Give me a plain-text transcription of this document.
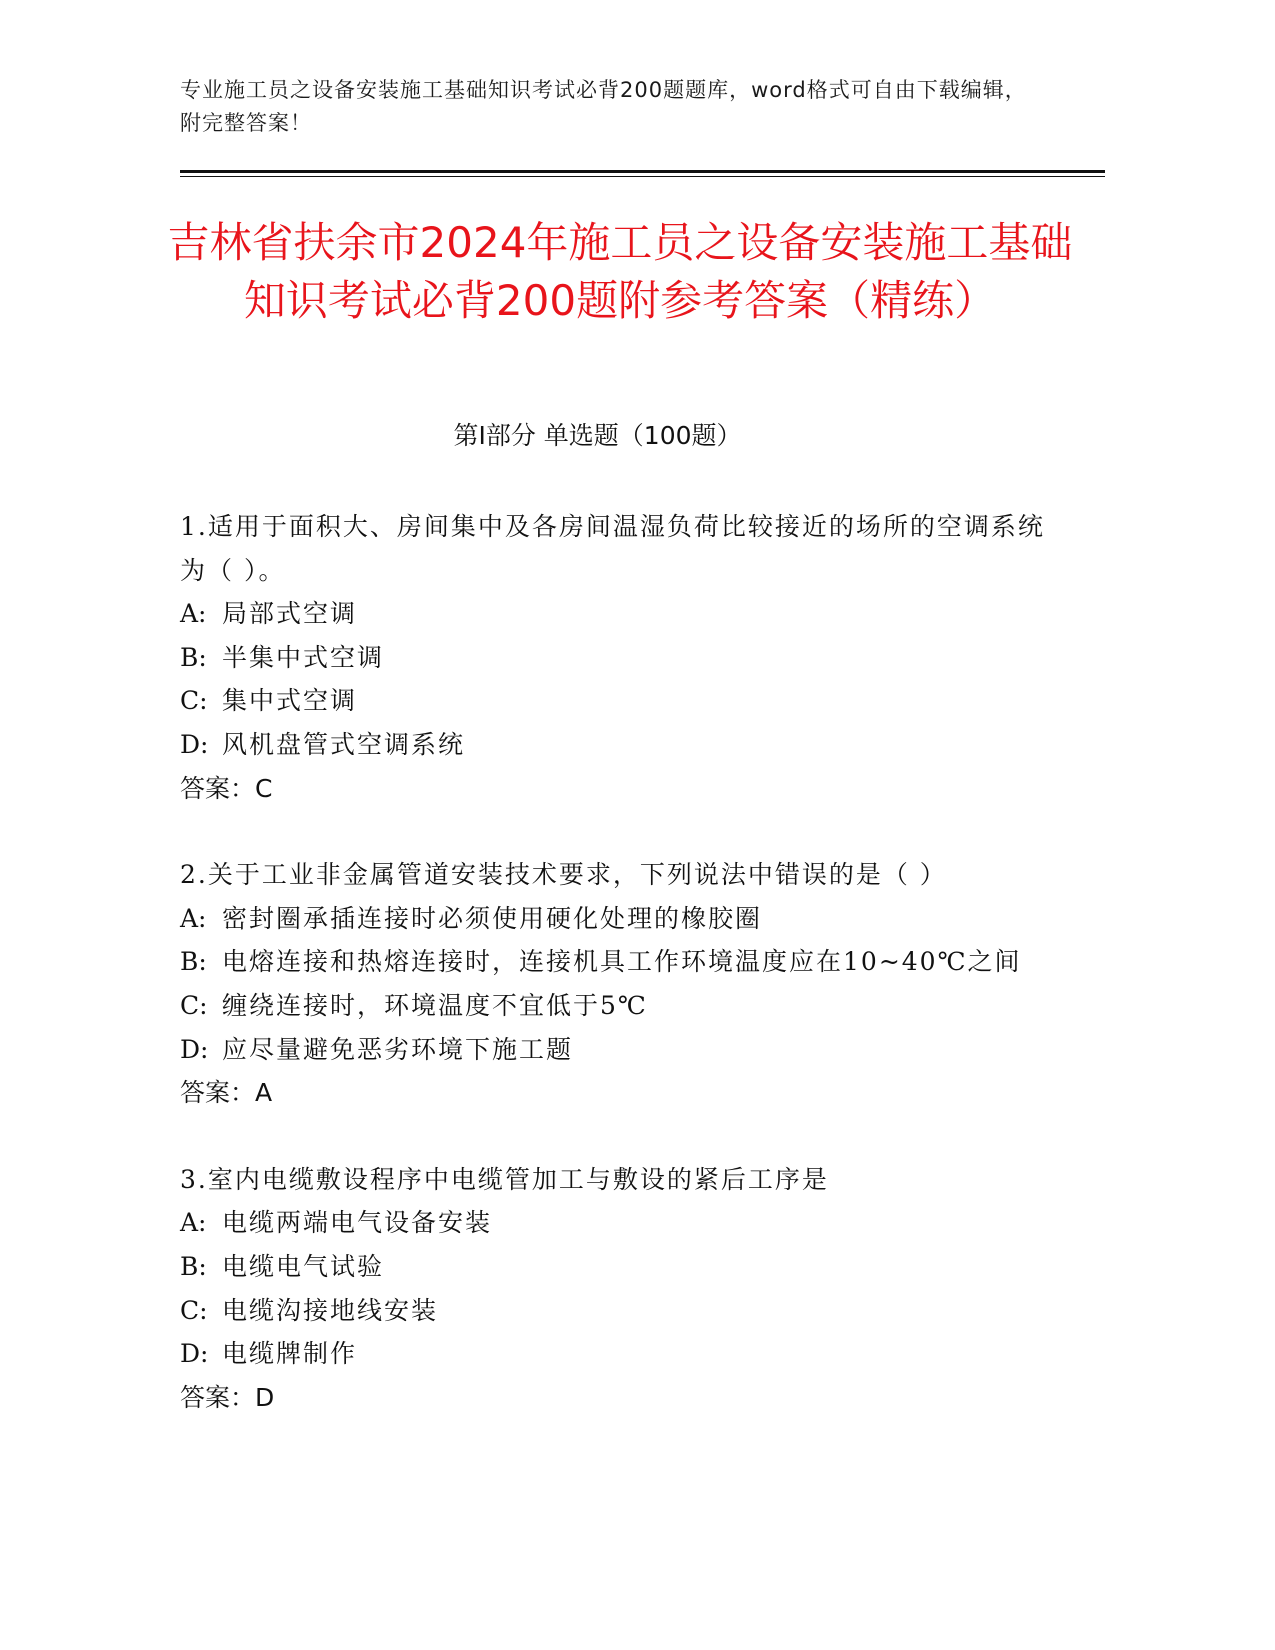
专业施工员之设备安装施工基础知识考试必背200题题库，word格式可自由下载编辑，附完整答案！
吉林省扶余市2024年施工员之设备安装施工基础知识考试必背200题附参考答案（精练）
第I部分 单选题（100题）
1.适用于面积大、房间集中及各房间温湿负荷比较接近的场所的空调系统为（ ）。
A: 局部式空调
B: 半集中式空调
C: 集中式空调
D: 风机盘管式空调系统
答案：C
2.关于工业非金属管道安装技术要求，下列说法中错误的是（ ）
A: 密封圈承插连接时必须使用硬化处理的橡胶圈
B: 电熔连接和热熔连接时，连接机具工作环境温度应在10~40℃之间
C: 缠绕连接时，环境温度不宜低于5℃
D: 应尽量避免恶劣环境下施工题
答案：A
3.室内电缆敷设程序中电缆管加工与敷设的紧后工序是
A: 电缆两端电气设备安装
B: 电缆电气试验
C: 电缆沟接地线安装
D: 电缆牌制作
答案：D
